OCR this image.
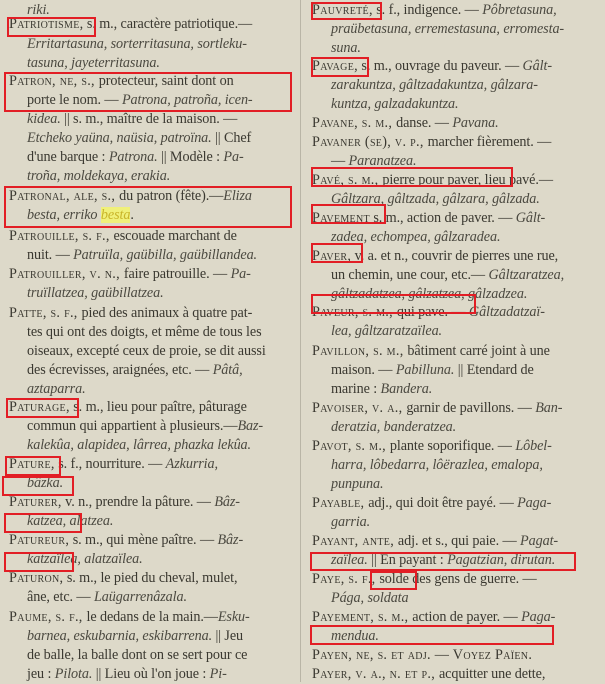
riki.
Patriotisme, s. m., caractère patriotique.—
Erritartasuna, sorterritasuna, sortleku-
tasuna, jayeterritasuna.
Patron, ne, s., protecteur, saint dont on
porte le nom. — Patrona, patroña, icen-
kidea. || s. m., maître de la maison. —
Etcheko yaüna, naüsia, patroïna. || Chef
d'une barque : Patrona. || Modèle : Pa-
troña, moldekaya, erakia.
Patronal, ale, s., du patron (fête).—Eliza
besta, erriko besta.
Patrouille, s. f., escouade marchant de
nuit. — Patruïla, gaübilla, gaübillandea.
Patrouiller, v. n., faire patrouille. — Pa-
truïllatzea, gaübillatzea.
Patte, s. f., pied des animaux à quatre pat-
tes qui ont des doigts, et même de tous les
oiseaux, excepté ceux de proie, se dit aussi
des écrevisses, araignées, etc. — Pâtâ,
aztaparra.
Paturage, s. m., lieu pour paître, pâturage
commun qui appartient à plusieurs.—Baz-
kalekûa, alapidea, lârrea, phazka lekûa.
Pature, s. f., nourriture. — Azkurria,
bâzka.
Paturer, v. n., prendre la pâture. — Bâz-
katzea, alatzea.
Patureur, s. m., qui mène paître. — Bâz-
katzaïlea, alatzaïlea.
Paturon, s. m., le pied du cheval, mulet,
âne, etc. — Laügarrenâzala.
Paume, s. f., le dedans de la main.—Esku-
barnea, eskubarnia, eskibarrena. || Jeu
de balle, la balle dont on se sert pour ce
jeu : Pilota. || Lieu où l'on joue : Pi-
Pauvreté, s. f., indigence. — Pôbretasuna,
praübetasuna, erremestasuna, erromesta-
suna.
Pavage, s. m., ouvrage du paveur. — Gâlt-
zarakuntza, gâltzadakuntza, gâlzara-
kuntza, galzadakuntza.
Pavane, s. m., danse. — Pavana.
Pavaner (se), v. p., marcher fièrement. —
— Paranatzea.
Pavé, s. m., pierre pour paver, lieu pavé.—
Gâltzara, gâltzada, gâlzara, gâlzada.
Pavement s. m., action de paver. — Gâlt-
zadea, echompea, gâlzaradea.
Paver, v. a. et n., couvrir de pierres une rue,
un chemin, une cour, etc.— Gâltzaratzea,
gâltzadatzea, gâlzatzea, gâlzadzea.
Paveur, s. m., qui pave. — Gâltzadatzaï-
lea, gâltzaratzaïlea.
Pavillon, s. m., bâtiment carré joint à une
maison. — Pabilluna. || Etendard de
marine : Bandera.
Pavoiser, v. a., garnir de pavillons. — Ban-
deratzia, banderatzea.
Pavot, s. m., plante soporifique. — Lôbel-
harra, lôbedarra, lôërazlea, emalopa,
punpuna.
Payable, adj., qui doit être payé. — Paga-
garria.
Payant, ante, adj. et s., qui paie. — Pagat-
zaïlea. || En payant : Pagatzian, dirutan.
Paye, s. f., solde des gens de guerre. —
Pága, soldata
Payement, s. m., action de payer. — Paga-
mendua.
Payen, ne, s. et adj. — Voyez Païen.
Payer, v. a., n. et p., acquitter une dette,
